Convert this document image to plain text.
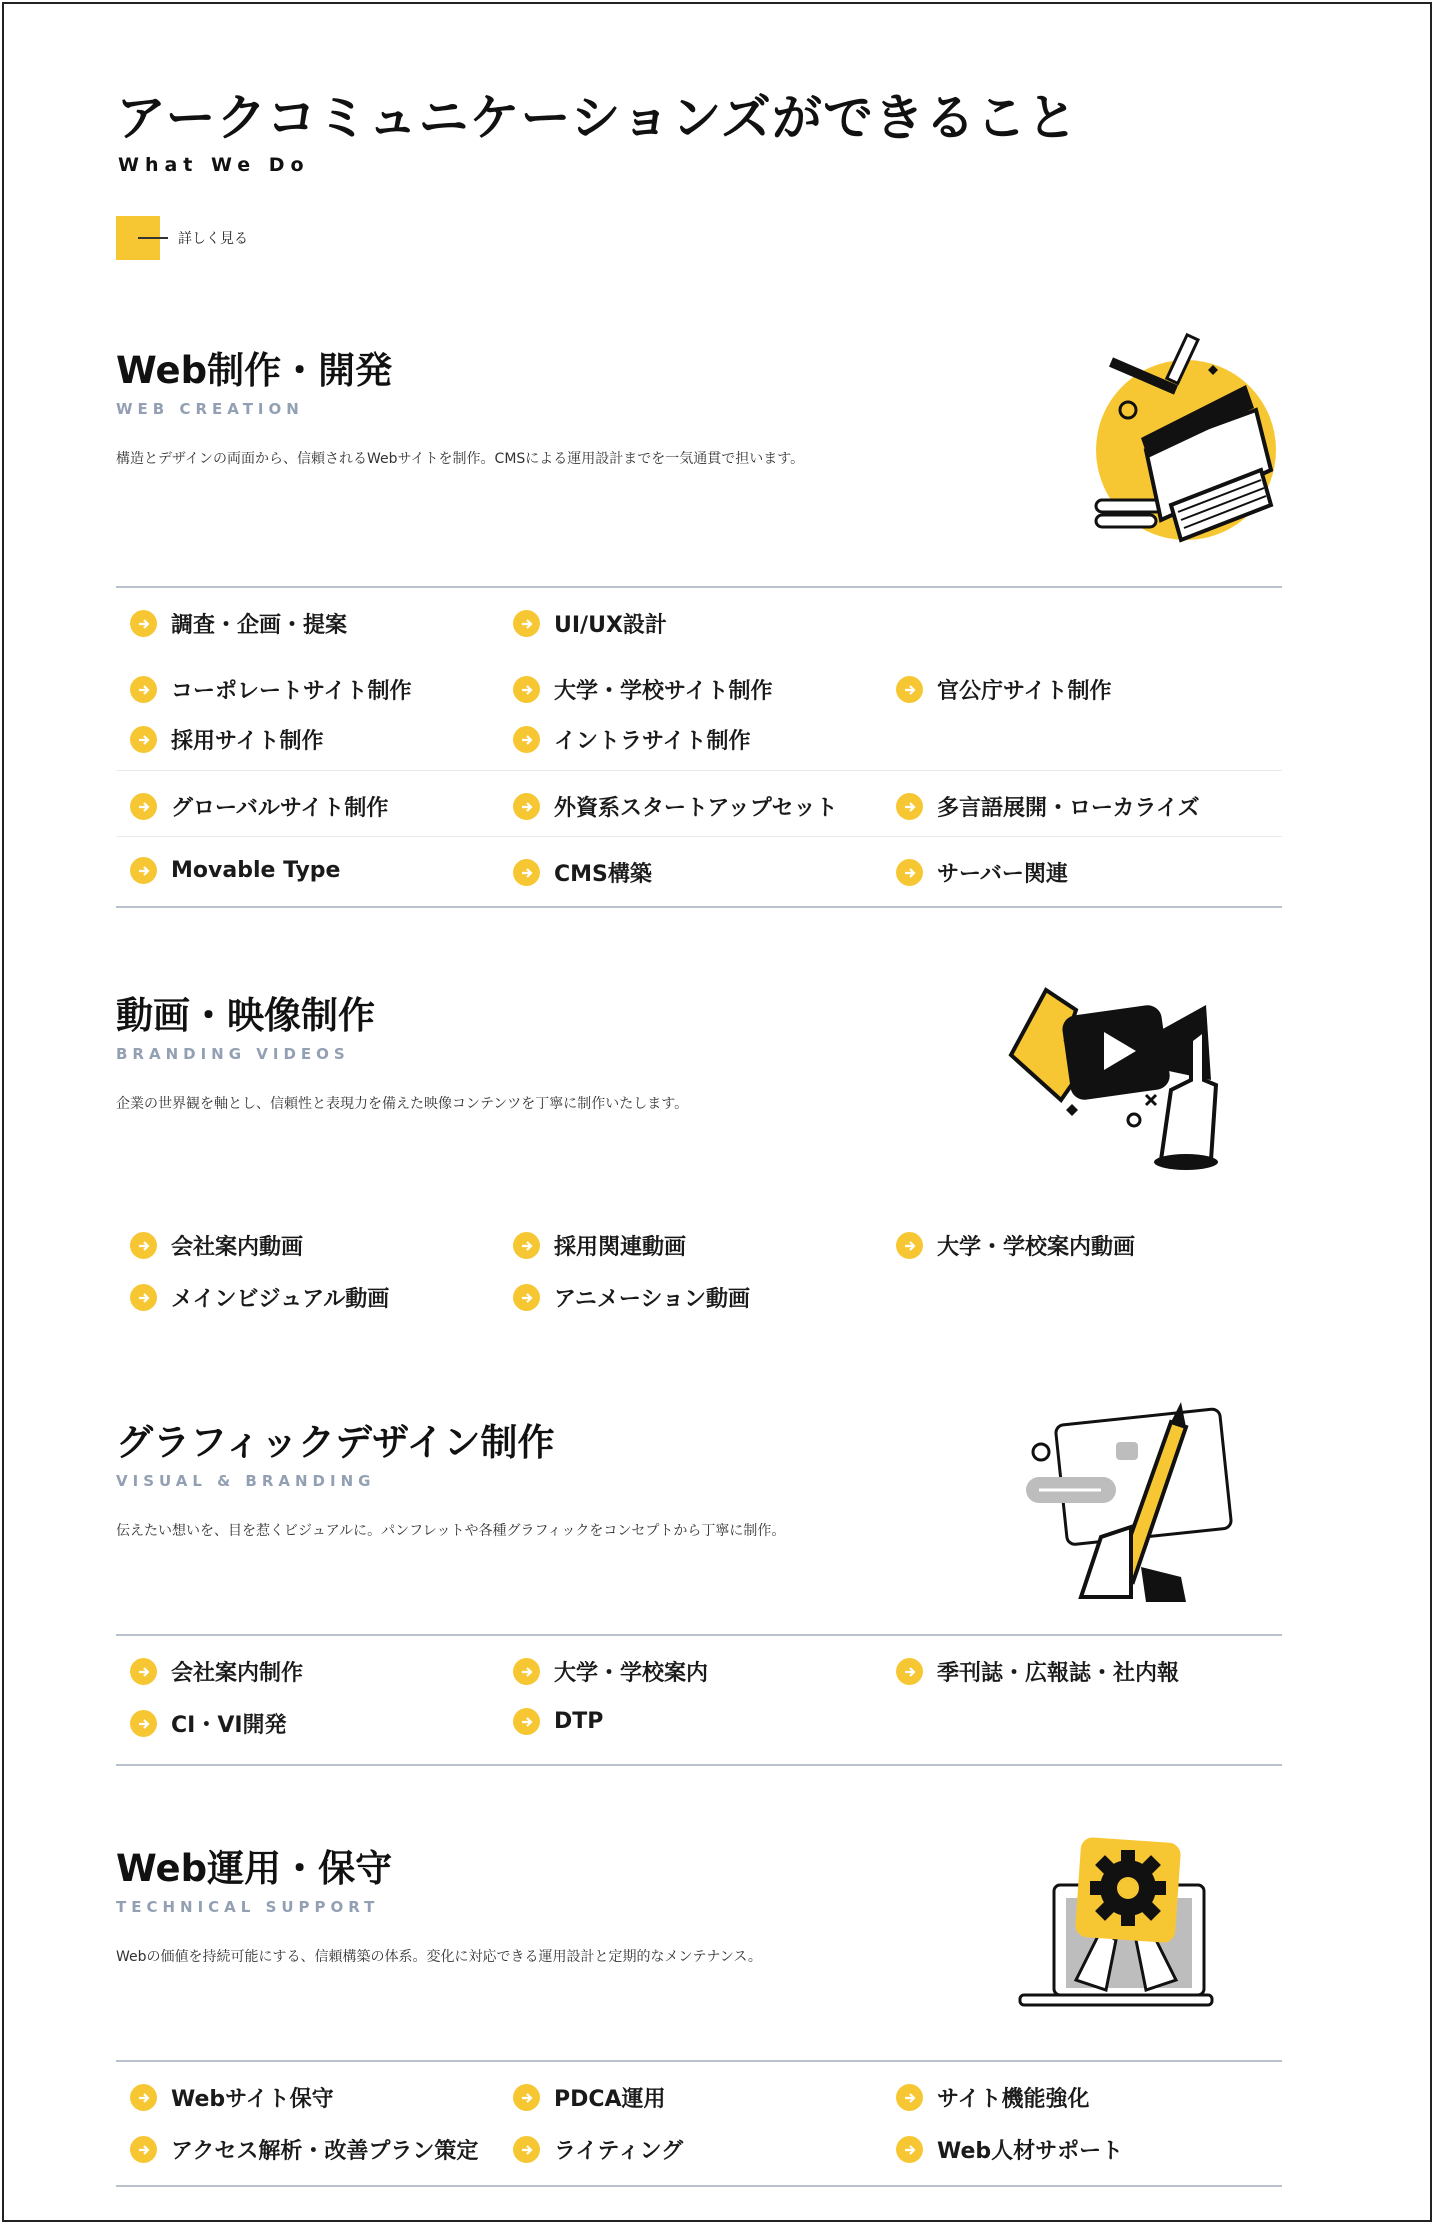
アークコミュニケーションズができること
What We Do
詳しく見る
Web制作・開発
WEB CREATION
構造とデザインの両面から、信頼されるWebサイトを制作。CMSによる運用設計までを一気通貫で担います。
調査・企画・提案	UI/UX設計
コーポレートサイト制作	大学・学校サイト制作	官公庁サイト制作
採用サイト制作	イントラサイト制作
グローバルサイト制作	外資系スタートアップセット	多言語展開・ローカライズ
Movable Type	CMS構築	サーバー関連
動画・映像制作
BRANDING VIDEOS
企業の世界観を軸とし、信頼性と表現力を備えた映像コンテンツを丁寧に制作いたします。
会社案内動画	採用関連動画	大学・学校案内動画
メインビジュアル動画	アニメーション動画
グラフィックデザイン制作
VISUAL & BRANDING
伝えたい想いを、目を惹くビジュアルに。パンフレットや各種グラフィックをコンセプトから丁寧に制作。
会社案内制作	大学・学校案内	季刊誌・広報誌・社内報
CI・VI開発	DTP
Web運用・保守
TECHNICAL SUPPORT
Webの価値を持続可能にする、信頼構築の体系。変化に対応できる運用設計と定期的なメンテナンス。
Webサイト保守	PDCA運用	サイト機能強化
アクセス解析・改善プラン策定	ライティング	Web人材サポート
